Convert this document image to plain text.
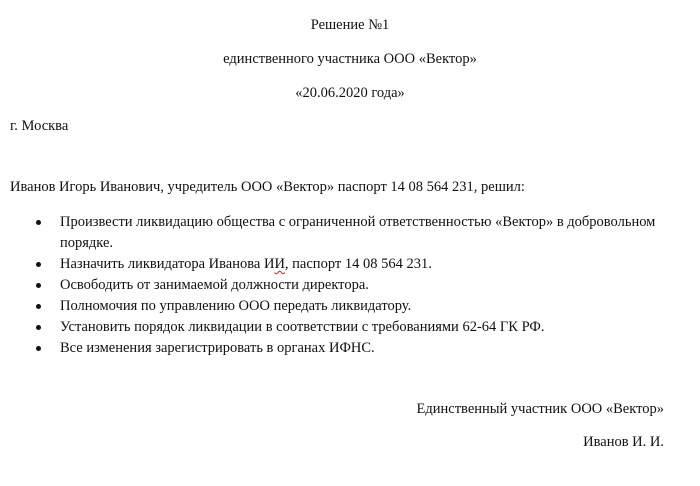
Решение №1
единственного участника ООО «Вектор»
«20.06.2020 года»
г. Москва
Иванов Игорь Иванович, учредитель ООО «Вектор» паспорт 14 08 564 231, решил:
Произвести ликвидацию общества с ограниченной ответственностью «Вектор» в добровольном порядке.
Назначить ликвидатора Иванова ИИ, паспорт 14 08 564 231.
Освободить от занимаемой должности директора.
Полномочия по управлению ООО передать ликвидатору.
Установить порядок ликвидации в соответствии с требованиями 62-64 ГК РФ.
Все изменения зарегистрировать в органах ИФНС.
Единственный участник ООО «Вектор»
Иванов И. И.
